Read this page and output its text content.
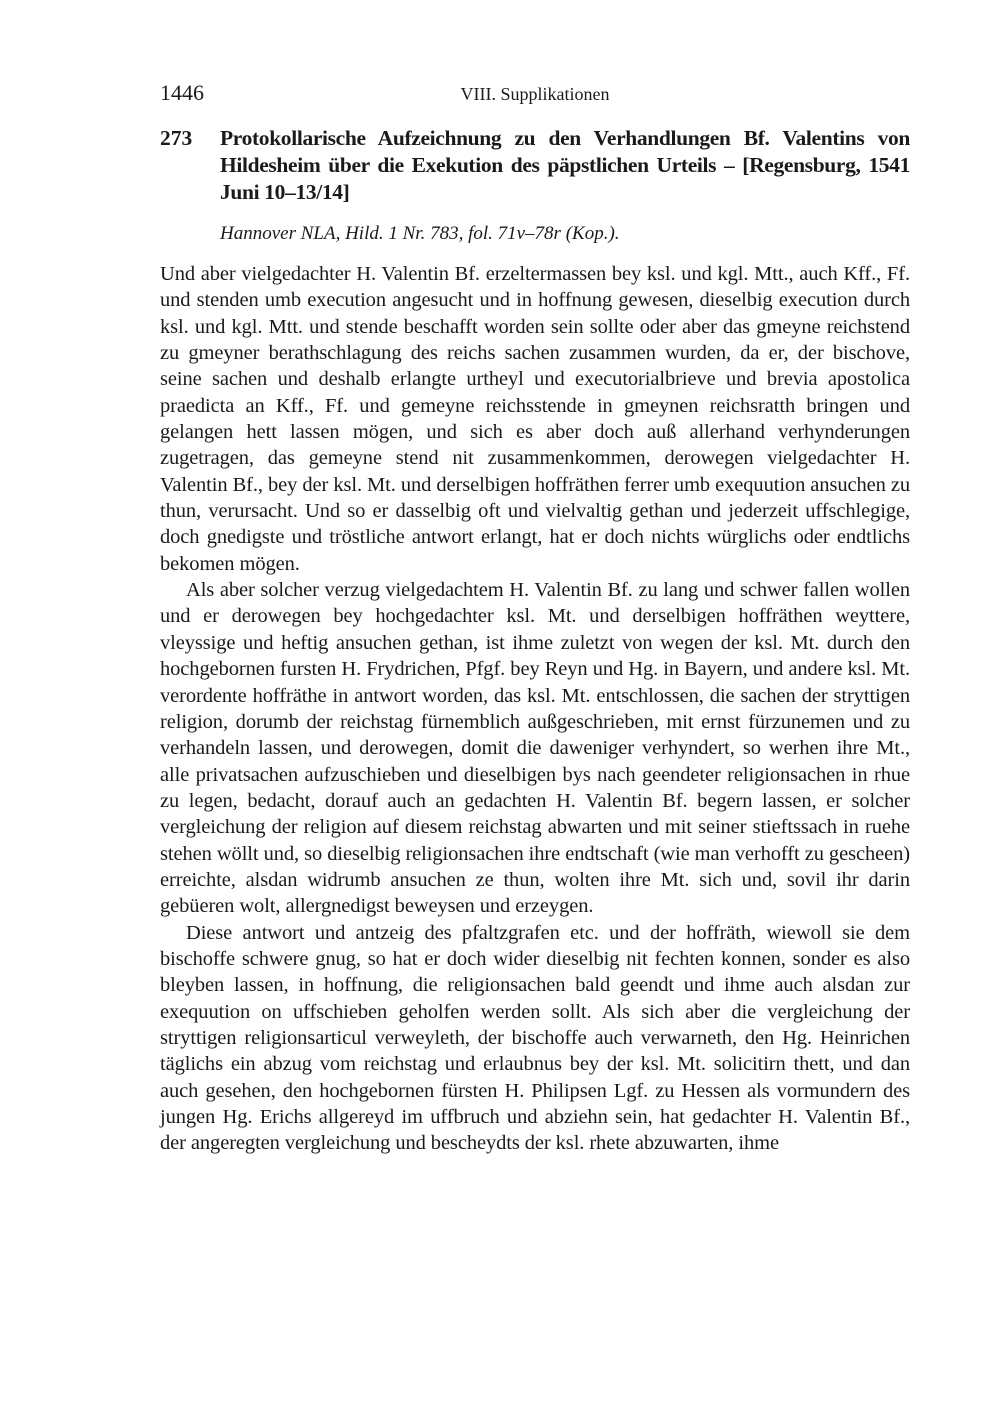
1446	VIII. Supplikationen
273 Protokollarische Aufzeichnung zu den Verhandlungen Bf. Valentins von Hildesheim über die Exekution des päpstlichen Urteils – [Regensburg, 1541 Juni 10–13/14]
Hannover NLA, Hild. 1 Nr. 783, fol. 71v–78r (Kop.).

Und aber vielgedachter H. Valentin Bf. erzeltermassen bey ksl. und kgl. Mtt., auch Kff., Ff. und stenden umb execution angesucht und in hoffnung gewesen, dieselbig execution durch ksl. und kgl. Mtt. und stende beschafft worden sein sollte oder aber das gmeyne reichstend zu gmeyner berathschlagung des reichs sachen zusammen wurden, da er, der bischove, seine sachen und deshalb erlangte urtheyl und executorialbrieve und brevia apostolica praedicta an Kff., Ff. und gemeyne reichsstende in gmeynen reichsratth bringen und gelangen hett lassen mögen, und sich es aber doch auß allerhand verhynderungen zugetragen, das gemeyne stend nit zusammenkommen, derowegen vielgedachter H. Valentin Bf., bey der ksl. Mt. und derselbigen hoffräthen ferrer umb exequution ansuchen zu thun, verursacht. Und so er dasselbig oft und vielvaltig gethan und jederzeit uffschlegige, doch gnedigste und tröstliche antwort erlangt, hat er doch nichts würglichs oder endtlichs bekomen mögen.

Als aber solcher verzug vielgedachtem H. Valentin Bf. zu lang und schwer fallen wollen und er derowegen bey hochgedachter ksl. Mt. und derselbigen hoffräthen weyttere, vleyssige und heftig ansuchen gethan, ist ihme zuletzt von wegen der ksl. Mt. durch den hochgebornen fursten H. Frydrichen, Pfgf. bey Reyn und Hg. in Bayern, und andere ksl. Mt. verordente hoffräthe in antwort worden, das ksl. Mt. entschlossen, die sachen der stryttigen religion, dorumb der reichstag fürnemblich außgeschrieben, mit ernst fürzunemen und zu verhandeln lassen, und derowegen, domit die daweniger verhyndert, so werhen ihre Mt., alle privatsachen aufzuschieben und dieselbigen bys nach geendeter religionsachen in rhue zu legen, bedacht, dorauf auch an gedachten H. Valentin Bf. begern lassen, er solcher vergleichung der religion auf diesem reichstag abwarten und mit seiner stieftssach in ruehe stehen wöllt und, so dieselbig religionsachen ihre endtschaft (wie man verhofft zu gescheen) erreichte, alsdan widrumb ansuchen ze thun, wolten ihre Mt. sich und, sovil ihr darin gebüeren wolt, allergnedigst beweysen und erzeygen.

Diese antwort und antzeig des pfaltzgrafen etc. und der hoffräth, wiewoll sie dem bischoffe schwere gnug, so hat er doch wider dieselbig nit fechten konnen, sonder es also bleyben lassen, in hoffnung, die religionsachen bald geendt und ihme auch alsdan zur exequution on uffschieben geholfen werden sollt. Als sich aber die vergleichung der stryttigen religionsarticul verweyleth, der bischoffe auch verwarneth, den Hg. Heinrichen täglichs ein abzug vom reichstag und erlaubnus bey der ksl. Mt. solicitirn thett, und dan auch gesehen, den hochgebornen fürsten H. Philipsen Lgf. zu Hessen als vormundern des jungen Hg. Erichs allgereyd im uffbruch und abziehn sein, hat gedachter H. Valentin Bf., der angeregten vergleichung und bescheydts der ksl. rhete abzuwarten, ihme
